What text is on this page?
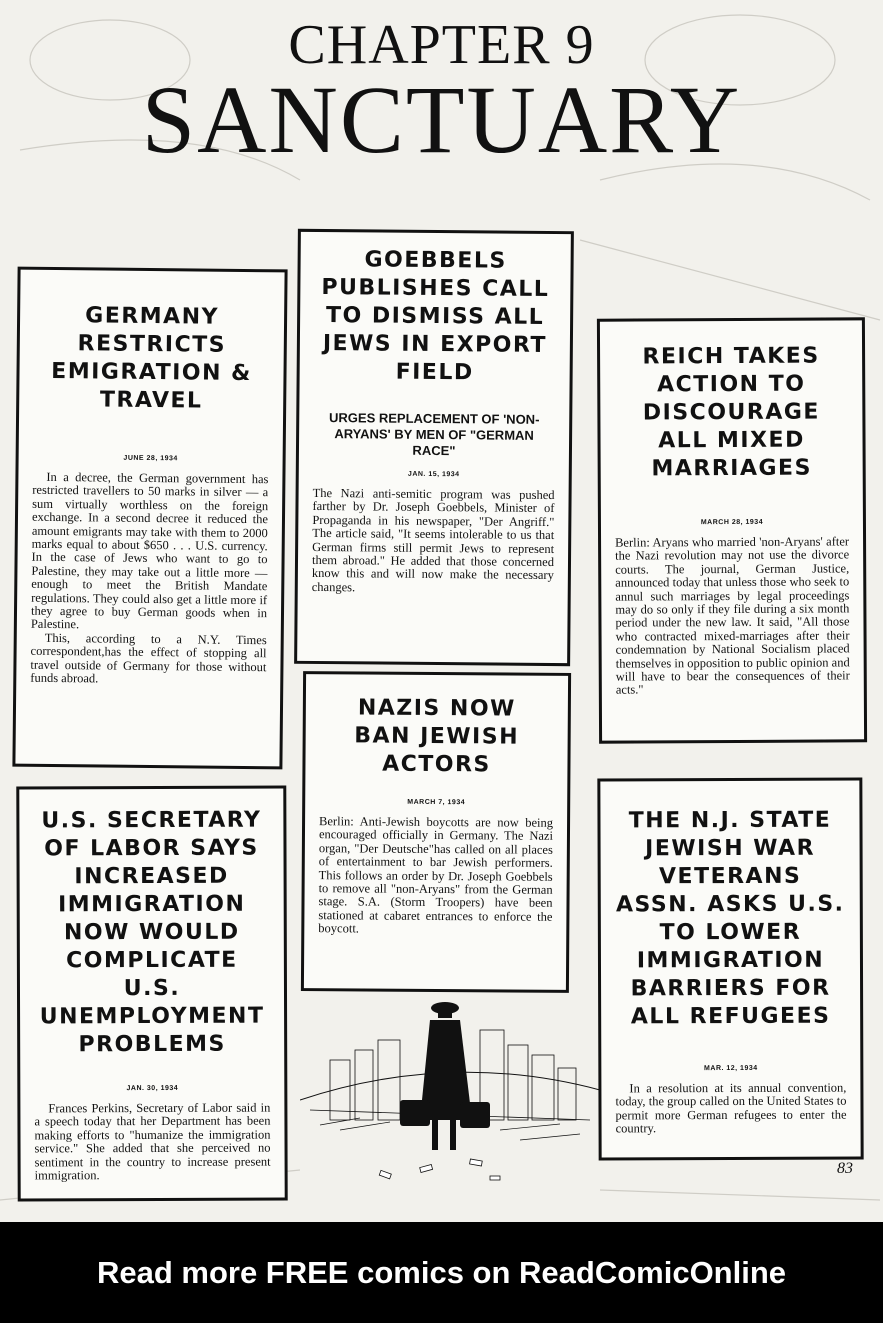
CHAPTER 9
SANCTUARY
GERMANY RESTRICTS EMIGRATION & TRAVEL
JUNE 28, 1934

In a decree, the German government has restricted travellers to 50 marks in silver — a sum virtually worthless on the foreign exchange. In a second decree it reduced the amount emigrants may take with them to 2000 marks equal to about $650 . . . U.S. currency. In the case of Jews who want to go to Palestine, they may take out a little more — enough to meet the British Mandate regulations. They could also get a little more if they agree to buy German goods when in Palestine.

This, according to a N.Y. Times correspondent,has the effect of stopping all travel outside of Germany for those without funds abroad.

GOEBBELS PUBLISHES CALL TO DISMISS ALL JEWS IN EXPORT FIELD
URGES REPLACEMENT OF 'NON-ARYANS' BY MEN OF "GERMAN RACE"
JAN. 15, 1934

The Nazi anti-semitic program was pushed farther by Dr. Joseph Goebbels, Minister of Propaganda in his newspaper, "Der Angriff." The article said, "It seems intolerable to us that German firms still permit Jews to represent them abroad." He added that those concerned know this and will now make the necessary changes.

REICH TAKES ACTION TO DISCOURAGE ALL MIXED MARRIAGES
MARCH 28, 1934

Berlin: Aryans who married 'non-Aryans' after the Nazi revolution may not use the divorce courts. The journal, German Justice, announced today that unless those who seek to annul such marriages by legal proceedings may do so only if they file during a six month period under the new law. It said, "All those who contracted mixed-marriages after their condemnation by National Socialism placed themselves in opposition to public opinion and will have to bear the consequences of their acts."

NAZIS NOW BAN JEWISH ACTORS
MARCH 7, 1934

Berlin: Anti-Jewish boycotts are now being encouraged officially in Germany. The Nazi organ, "Der Deutsche"has called on all places of entertainment to bar Jewish performers. This follows an order by Dr. Joseph Goebbels to remove all "non-Aryans" from the German stage. S.A. (Storm Troopers) have been stationed at cabaret entrances to enforce the boycott.

U.S. SECRETARY OF LABOR SAYS INCREASED IMMIGRATION NOW WOULD COMPLICATE U.S. UNEMPLOYMENT PROBLEMS
JAN. 30, 1934

Frances Perkins, Secretary of Labor said in a speech today that her Department has been making efforts to "humanize the immigration service." She added that she perceived no sentiment in the country to increase present immigration.

THE N.J. STATE JEWISH WAR VETERANS ASSN. ASKS U.S. TO LOWER IMMIGRATION BARRIERS FOR ALL REFUGEES
MAR. 12, 1934

In a resolution at its annual convention, today, the group called on the United States to permit more German refugees to enter the country.

83
Read more FREE comics on ReadComicOnline
